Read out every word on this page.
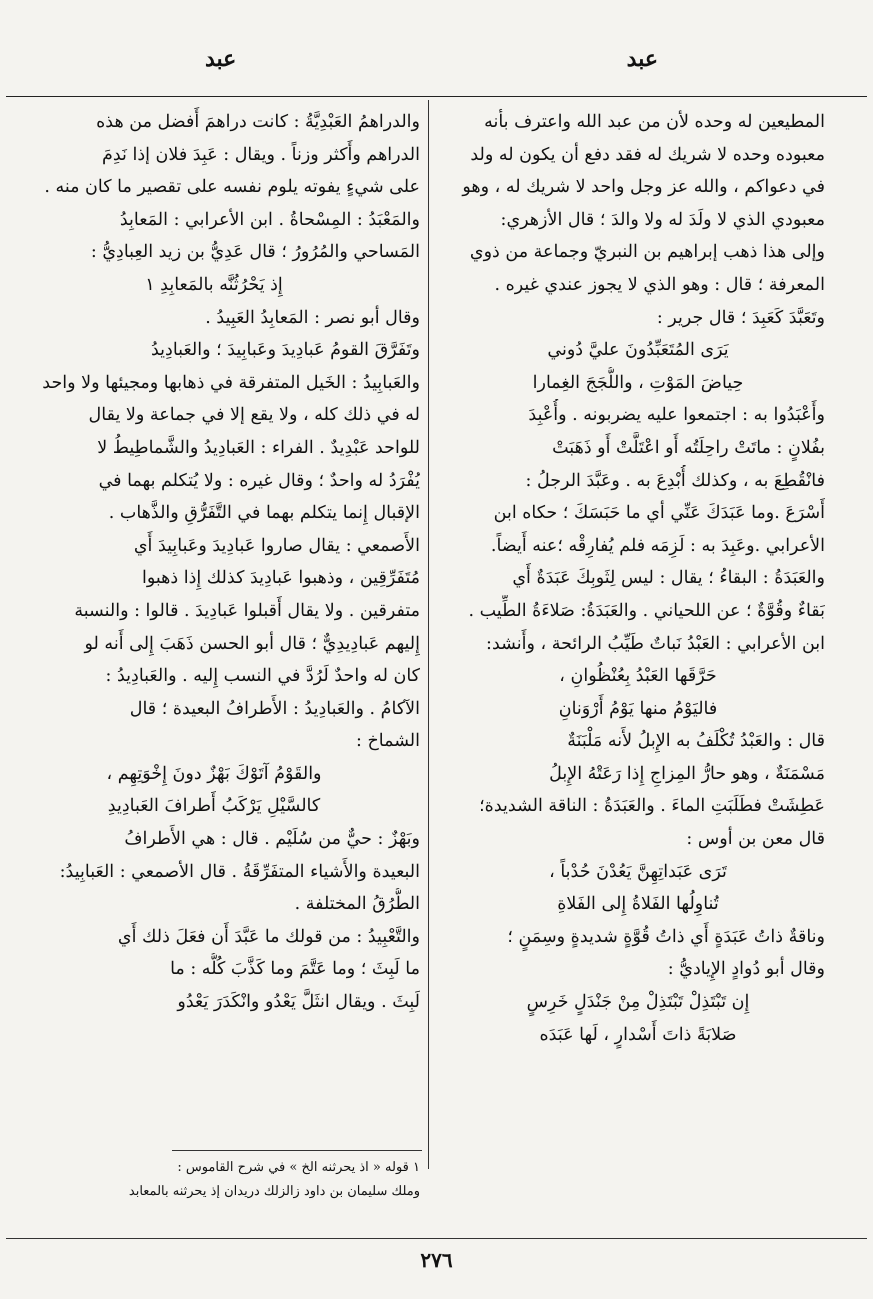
عبد
عبد
المطيعين له وحده لأن من عبد الله واعترف بأنه
معبوده وحده لا شريك له فقد دفع أن يكون له ولد
في دعواكم ، والله عز وجل واحد لا شريك له ، وهو
معبودي الذي لا ولَدَ له ولا والدَ ؛ قال الأزهري:
وإلى هذا ذهب إبراهيم بن النبريّ وجماعة من ذوي
المعرفة ؛ قال : وهو الذي لا يجوز عندي غيره .
وتَعَبَّدَ كَعَبِدَ ؛ قال جرير :
يَرَى المُتَعَبِّدُونَ عليَّ دُوني
حِياضَ المَوْتِ ، واللُّجَجَ الغِمارا
وأَعْبَدُوا به : اجتمعوا عليه يضربونه . وأُعْبِدَ
بفُلانٍ : ماتَتْ راحِلَتُه أَو اعْتَلَّتْ أَو ذَهَبَتْ
فانْقُطِعَ به ، وكذلك أُبْدِعَ به . وعَبَّدَ الرجلُ :
أَسْرَعَ .وما عَبَدَكَ عَنِّي أي ما حَبَسَكَ ؛ حكاه ابن
الأعرابي .وعَبِدَ به : لَزِمَه فلم يُفارِقْه ؛عنه أَيضاً.
والعَبَدَةُ : البقاءُ ؛ يقال : ليس لِثَوبِكَ عَبَدَةٌ أَي
بَقاءٌ وقُوَّةٌ ؛ عن اللحياني . والعَبَدَةُ: صَلاءَةُ الطِّيب .
ابن الأعرابي : العَبْدُ نَباتٌ طَيِّبُ الرائحة ، وأَنشد:
حَرَّقَها العَبْدُ بِعُنْظُوانِ ،
فاليَوْمُ منها يَوْمُ أَرْوَنانِ
قال : والعَبْدُ تُكْلَفُ به الإِبلُ لأَنه مَلْبَنَةٌ
مَسْمَنَةٌ ، وهو حارُّ المِزاجِ إِذا رَعَتْهُ الإِبلُ
عَطِشَتْ فطَلَبَتِ الماءَ . والعَبَدَةُ : الناقة الشديدة؛
قال معن بن أوس :
تَرَى عَبَداتِهِنَّ يَعُدْنَ حُدْباً ،
تُناوِلُها الفَلاةُ إِلى الفَلاةِ
وناقةٌ ذاتُ عَبَدَةٍ أَي ذاتُ قُوَّةٍ شديدةٍ وسِمَنٍ ؛
وقال أبو دُوادٍ الإِياديُّ :
إِن تَبْتَذِلْ تَبْتَذِلْ مِنْ جَنْدَلٍ خَرِسٍ
صَلابَةً ذاتَ أَسْدارٍ ، لَها عَبَدَه
والدراهمُ العَبْدِيَّةُ : كانت دراهمَ أَفضل من هذه
الدراهم وأَكثر وزناً . ويقال : عَبِدَ فلان إذا نَدِمَ
على شيءٍ يفوته يلوم نفسه على تقصير ما كان منه .
والمَعْبَدُ : المِسْحاةُ . ابن الأعرابي : المَعابِدُ
المَساحي والمُرُورُ ؛ قال عَدِيُّ بن زيد العِبادِيُّ :
إِذ يَحْرُثُنَّه بالمَعابِدِ ١
وقال أبو نصر : المَعابِدُ العَبِيدُ .
وتَفَرَّقَ القومُ عَبادِيدَ وعَبابِيدَ ؛ والعَبادِيدُ
والعَبابِيدُ : الخَيل المتفرقة في ذهابها ومجيئها ولا واحد
له في ذلك كله ، ولا يقع إلا في جماعة ولا يقال
للواحد عَبْدِيدٌ . الفراء : العَبادِيدُ والشَّماطِيطُ لا
يُفْرَدُ له واحدٌ ؛ وقال غيره : ولا يُتكلم بهما في
الإقبال إِنما يتكلم بهما في التَّفَرُّقِ والذَّهاب .
الأَصمعي : يقال صاروا عَبادِيدَ وعَبابِيدَ أَي
مُتَفَرِّقِين ، وذهبوا عَبادِيدَ كذلك إِذا ذهبوا
متفرقين . ولا يقال أَقبلوا عَبادِيدَ . قالوا : والنسبة
إِليهم عَبادِيدِيٌّ ؛ قال أبو الحسن ذَهَبَ إِلى أَنه لو
كان له واحدٌ لَرُدَّ في النسب إِليه . والعَبادِيدُ :
الآكامُ . والعَبادِيدُ : الأَطرافُ البعيدة ؛ قال
الشماخ :
والقَوْمُ آتَوْكَ بَهْزٌ دونَ إِخْوَتِهِم ،
كالسَّيْلِ يَرْكَبُ أَطرافَ العَبادِيدِ
وبَهْزٌ : حيٌّ من سُلَيْم . قال : هي الأَطرافُ
البعيدة والأَشياء المتفَرِّقَةُ . قال الأصمعي : العَبابِيدُ:
الطُّرُقُ المختلفة .
والتَّعْبِيدُ : من قولك ما عَبَّدَ أَن فعَلَ ذلك أَي
ما لَبِثَ ؛ وما عَتَّمَ وما كَذَّبَ كُلُّه : ما
لَبِثَ . ويقال انثَلَّ يَعْدُو وانْكَدَرَ يَعْدُو
١ قوله « اذ يحرثنه الخ » في شرح القاموس :
وملك سليمان بن داود زالزلك دريدان إذ يحرثنه بالمعابد
٢٧٦
